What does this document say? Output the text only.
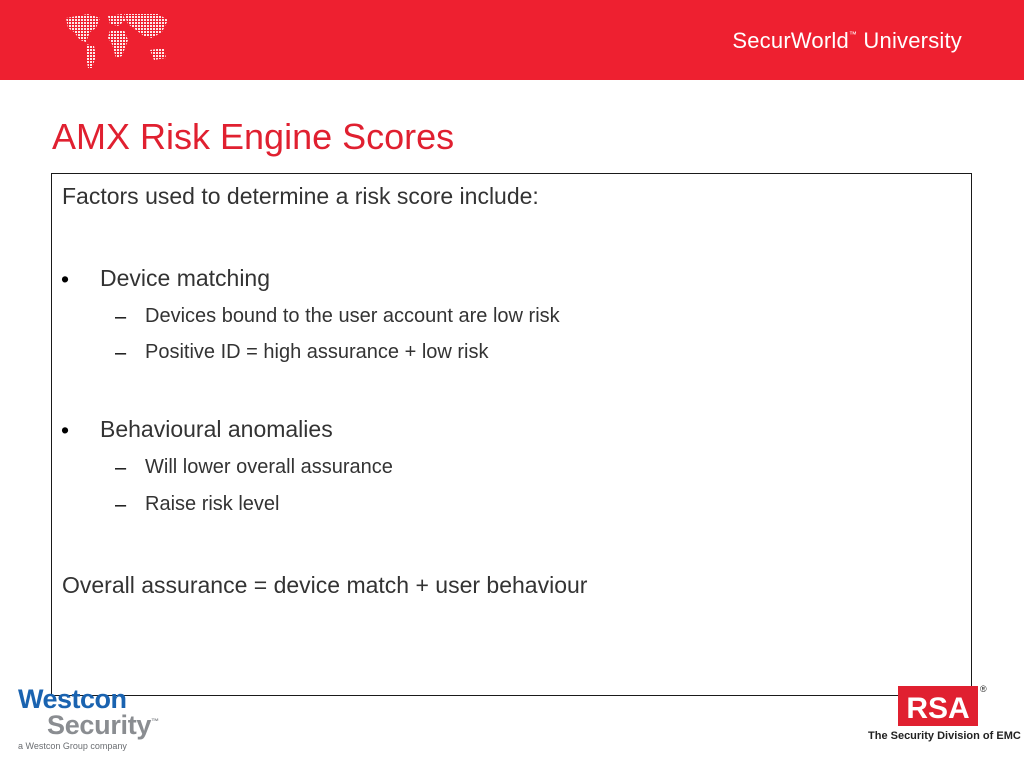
SecurWorld™ University
AMX Risk Engine Scores
Factors used to determine a risk score include:
• Device matching
– Devices bound to the user account are low risk
– Positive ID = high assurance + low risk
• Behavioural anomalies
– Will lower overall assurance
– Raise risk level
Overall assurance = device match + user behaviour
Westcon
Security™
a Westcon Group company
RSA
®
The Security Division of EMC
